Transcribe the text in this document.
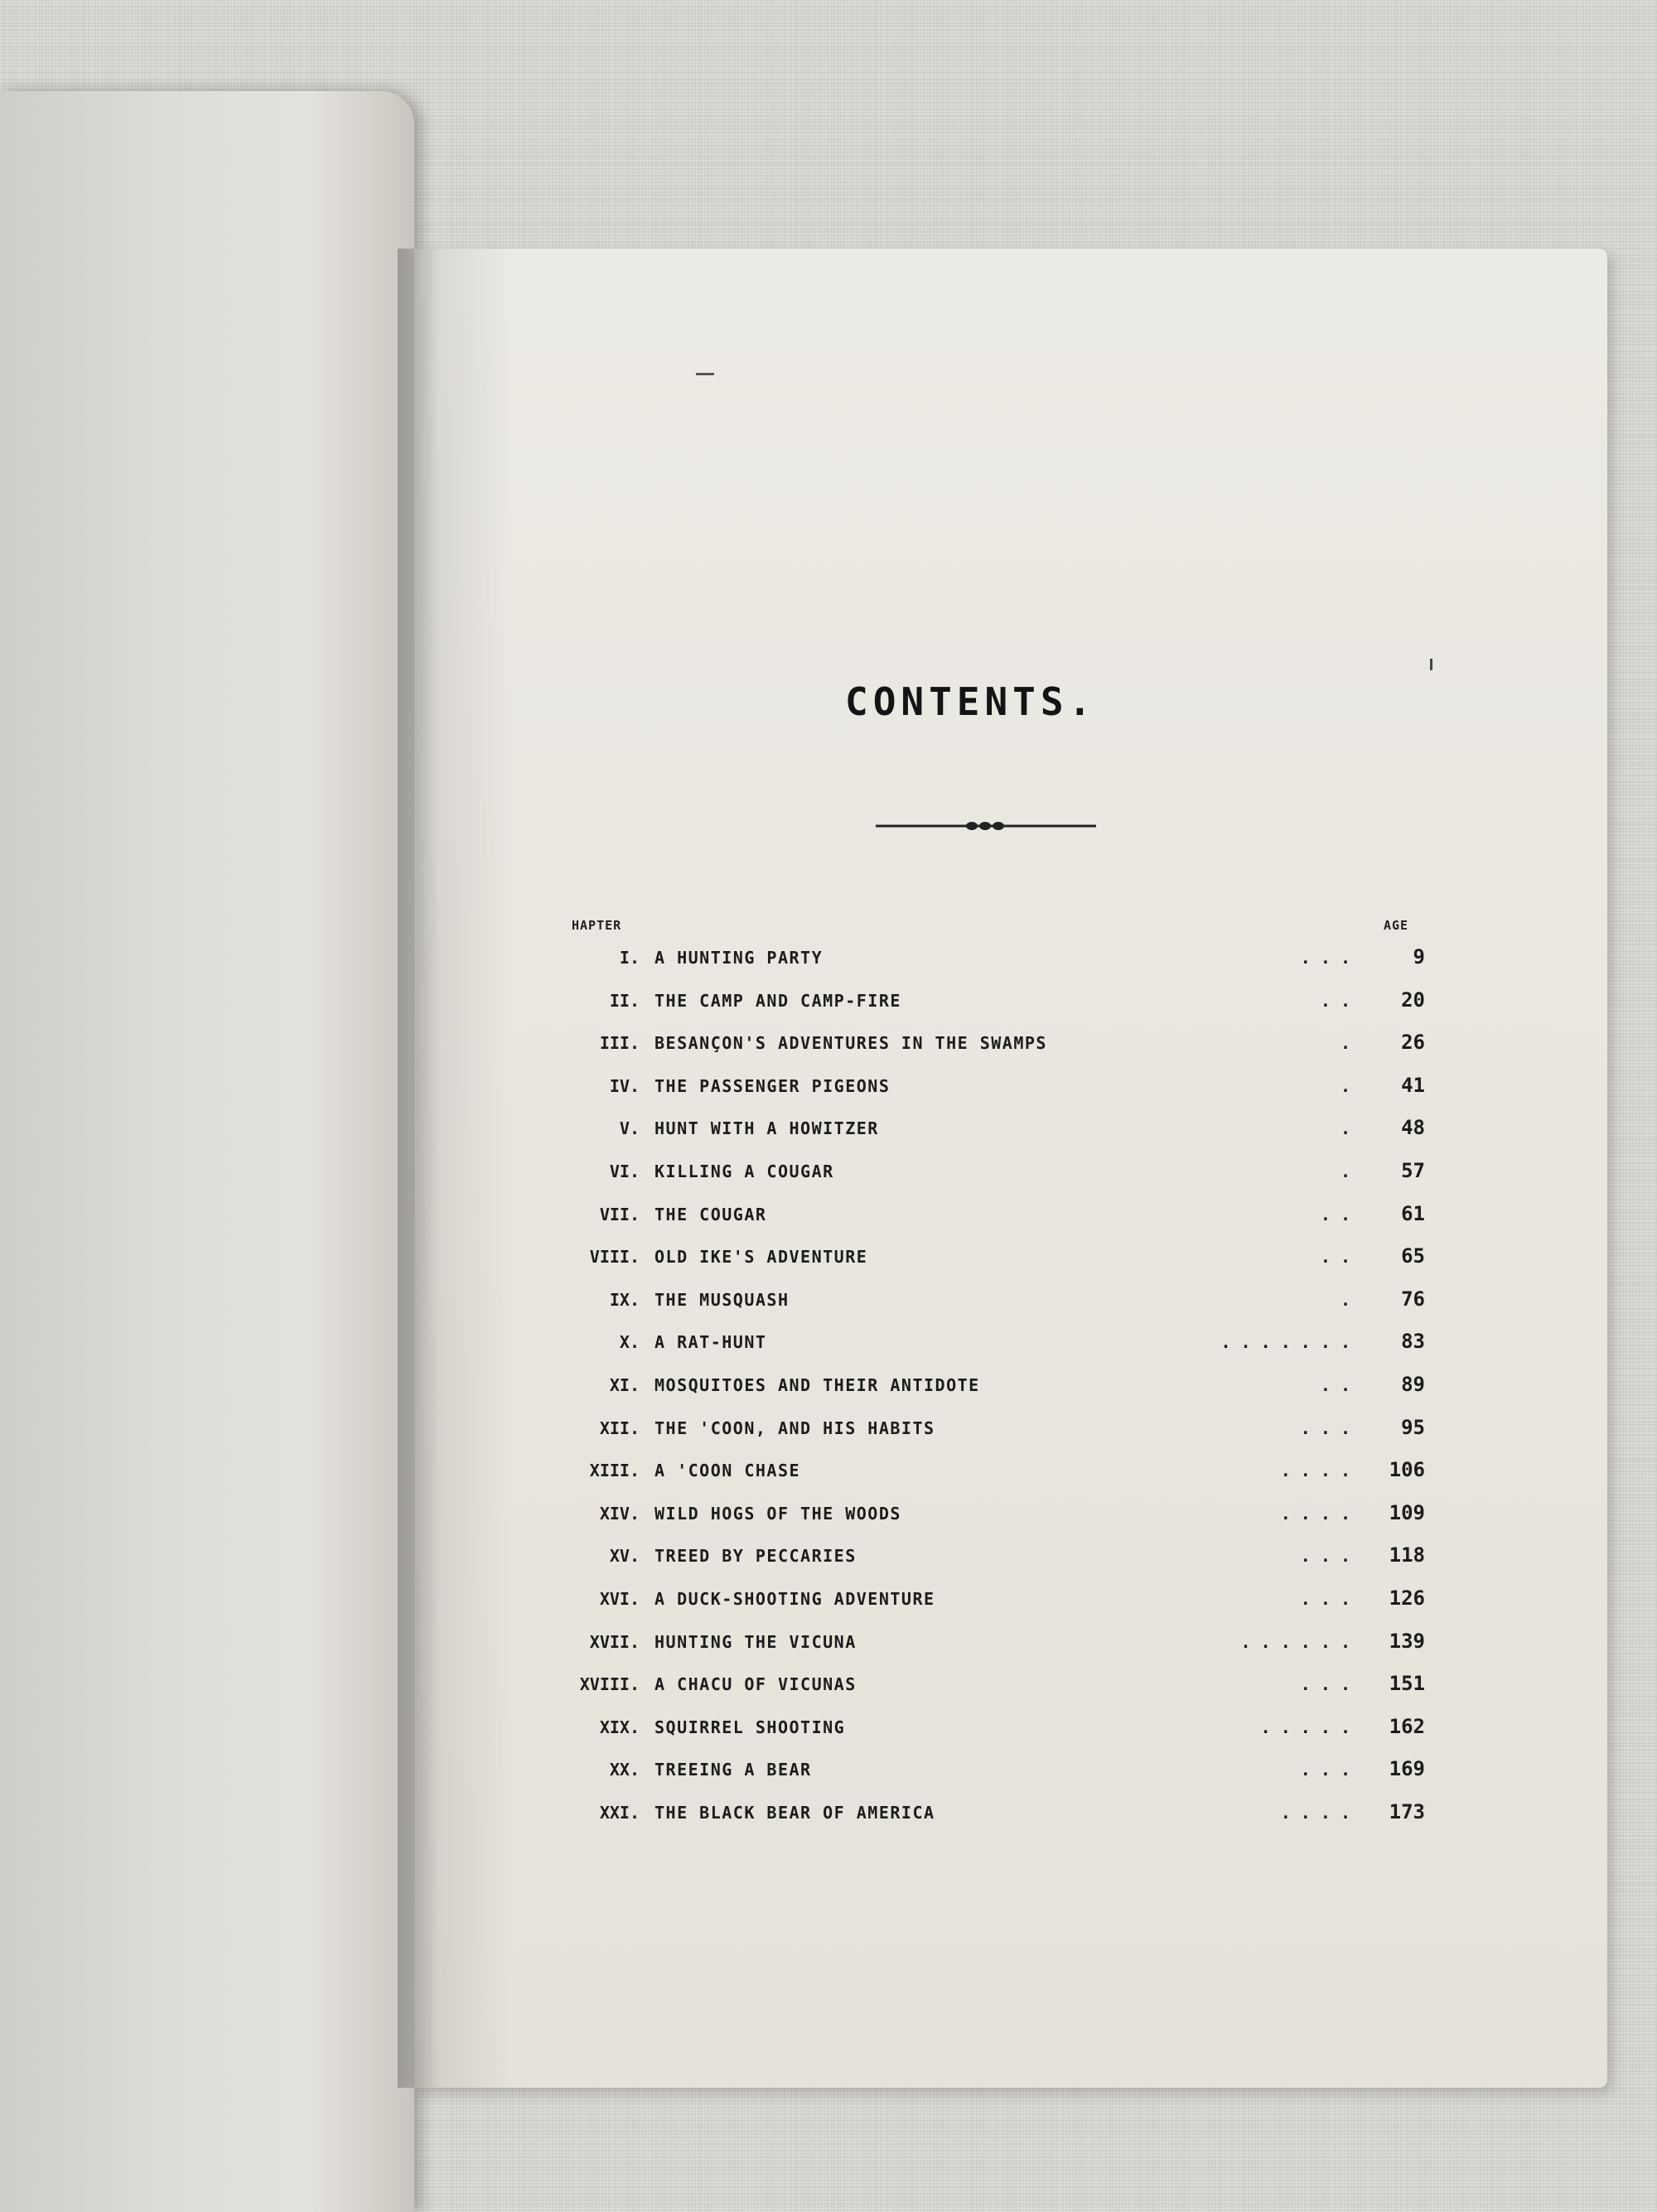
CONTENTS.
HAPTER	AGE
I. A HUNTING PARTY	. . .	9
II. THE CAMP AND CAMP-FIRE	. .	20
III. BESANÇON'S ADVENTURES IN THE SWAMPS	.	26
IV. THE PASSENGER PIGEONS	.	41
V. HUNT WITH A HOWITZER	.	48
VI. KILLING A COUGAR	.	57
VII. THE COUGAR	. .	61
VIII. OLD IKE'S ADVENTURE	. .	65
IX. THE MUSQUASH	.	76
X. A RAT-HUNT	. . . . . . .	83
XI. MOSQUITOES AND THEIR ANTIDOTE	. .	89
XII. THE 'COON, AND HIS HABITS	. . .	95
XIII. A 'COON CHASE	. . . .	106
XIV. WILD HOGS OF THE WOODS	. . . .	109
XV. TREED BY PECCARIES	. . .	118
XVI. A DUCK-SHOOTING ADVENTURE	. . .	126
XVII. HUNTING THE VICUNA	. . . . . .	139
XVIII. A CHACU OF VICUNAS	. . .	151
XIX. SQUIRREL SHOOTING	. . . . .	162
XX. TREEING A BEAR	. . .	169
XXI. THE BLACK BEAR OF AMERICA	. . . .	173
